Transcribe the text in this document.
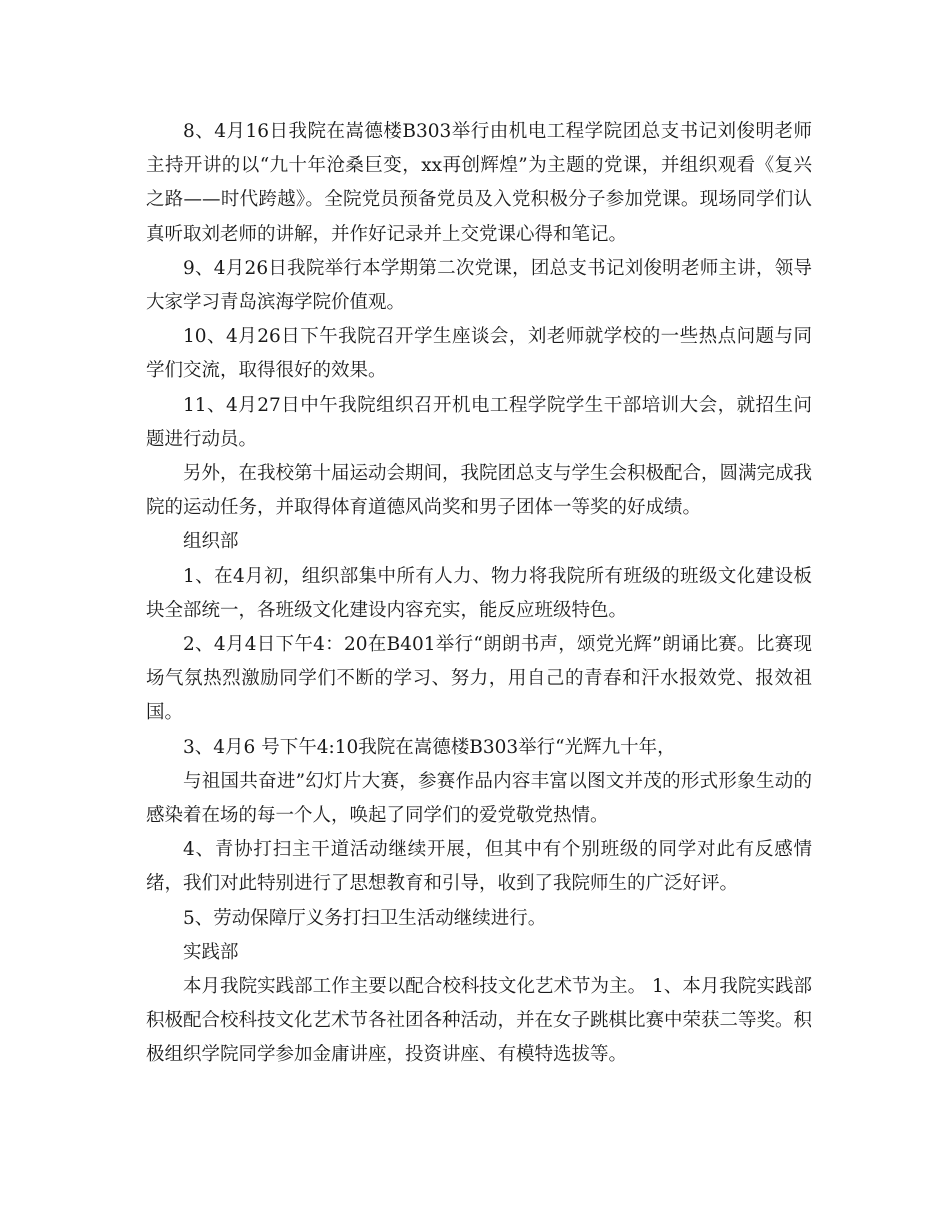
8、4月16日我院在嵩德楼B303举行由机电工程学院团总支书记刘俊明老师主持开讲的以“九十年沧桑巨变，xx再创辉煌”为主题的党课，并组织观看《复兴之路——时代跨越》。全院党员预备党员及入党积极分子参加党课。现场同学们认真听取刘老师的讲解，并作好记录并上交党课心得和笔记。

9、4月26日我院举行本学期第二次党课，团总支书记刘俊明老师主讲，领导大家学习青岛滨海学院价值观。

10、4月26日下午我院召开学生座谈会，刘老师就学校的一些热点问题与同学们交流，取得很好的效果。

11、4月27日中午我院组织召开机电工程学院学生干部培训大会，就招生问题进行动员。

另外，在我校第十届运动会期间，我院团总支与学生会积极配合，圆满完成我院的运动任务，并取得体育道德风尚奖和男子团体一等奖的好成绩。

组织部

1、在4月初，组织部集中所有人力、物力将我院所有班级的班级文化建设板块全部统一，各班级文化建设内容充实，能反应班级特色。

2、4月4日下午4：20在B401举行“朗朗书声，颂党光辉”朗诵比赛。比赛现场气氛热烈激励同学们不断的学习、努力，用自己的青春和汗水报效党、报效祖国。

3、4月6 号下午4:10我院在嵩德楼B303举行“光辉九十年，

与祖国共奋进”幻灯片大赛，参赛作品内容丰富以图文并茂的形式形象生动的感染着在场的每一个人，唤起了同学们的爱党敬党热情。

4、青协打扫主干道活动继续开展，但其中有个别班级的同学对此有反感情绪，我们对此特别进行了思想教育和引导，收到了我院师生的广泛好评。

5、劳动保障厅义务打扫卫生活动继续进行。

实践部

本月我院实践部工作主要以配合校科技文化艺术节为主。 1、本月我院实践部积极配合校科技文化艺术节各社团各种活动，并在女子跳棋比赛中荣获二等奖。积极组织学院同学参加金庸讲座，投资讲座、有模特选拔等。
